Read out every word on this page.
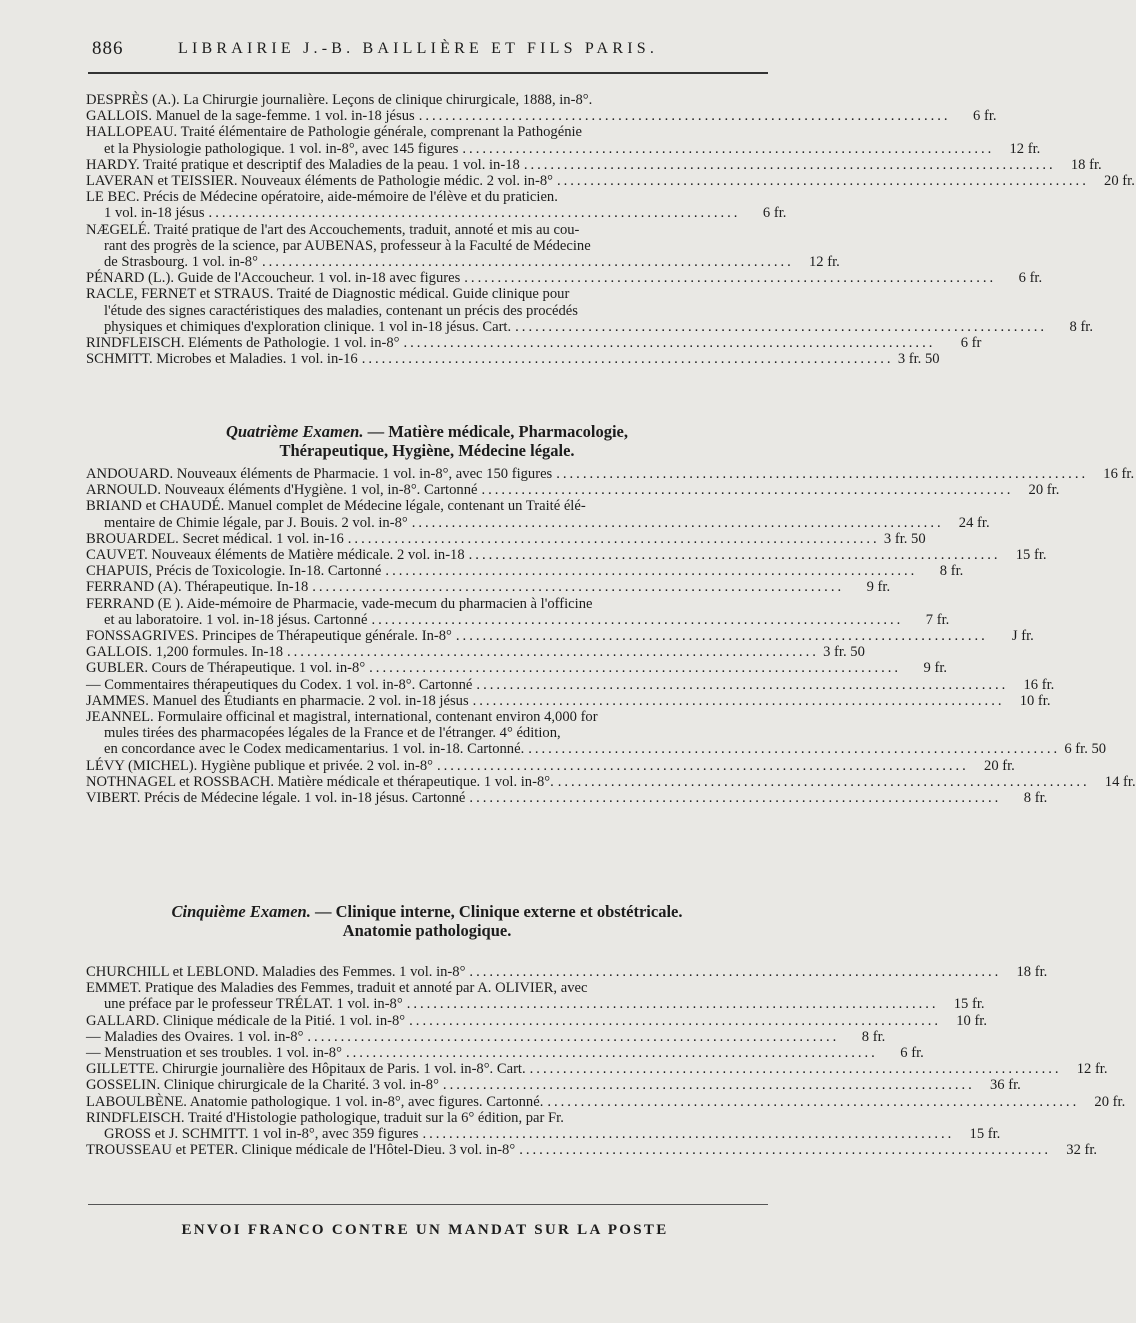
886	LIBRAIRIE J.-B. BAILLIÈRE ET FILS PARIS.
DESPRÈS (A.). La Chirurgie journalière. Leçons de clinique chirurgicale, 1888, in-8°.
GALLOIS. Manuel de la sage-femme. 1 vol. in-18 jésus ................................................................................	6 fr.
HALLOPEAU. Traité élémentaire de Pathologie générale, comprenant la Pathogénie
et la Physiologie pathologique. 1 vol. in-8°, avec 145 figures ................................................................................	12 fr.
HARDY. Traité pratique et descriptif des Maladies de la peau. 1 vol. in-18 ................................................................................	18 fr.
LAVERAN et TEISSIER. Nouveaux éléments de Pathologie médic. 2 vol. in-8° ................................................................................	20 fr.
LE BEC. Précis de Médecine opératoire, aide-mémoire de l'élève et du praticien.
1 vol. in-18 jésus ................................................................................	6 fr.
NÆGELÉ. Traité pratique de l'art des Accouchements, traduit, annoté et mis au cou-
rant des progrès de la science, par AUBENAS, professeur à la Faculté de Médecine
de Strasbourg. 1 vol. in-8° ................................................................................	12 fr.
PÉNARD (L.). Guide de l'Accoucheur. 1 vol. in-18 avec figures ................................................................................	6 fr.
RACLE, FERNET et STRAUS. Traité de Diagnostic médical. Guide clinique pour
l'étude des signes caractéristiques des maladies, contenant un précis des procédés
physiques et chimiques d'exploration clinique. 1 vol in-18 jésus. Cart. ................................................................................	8 fr.
RINDFLEISCH. Eléments de Pathologie. 1 vol. in-8° ................................................................................	6 fr
SCHMITT. Microbes et Maladies. 1 vol. in-16 ................................................................................ 3 fr. 50
Quatrième Examen. — Matière médicale, Pharmacologie,
Thérapeutique, Hygiène, Médecine légale.
ANDOUARD. Nouveaux éléments de Pharmacie. 1 vol. in-8°, avec 150 figures ................................................................................	16 fr.
ARNOULD. Nouveaux éléments d'Hygiène. 1 vol, in-8°. Cartonné ................................................................................	20 fr.
BRIAND et CHAUDÉ. Manuel complet de Médecine légale, contenant un Traité élé-
mentaire de Chimie légale, par J. Bouis. 2 vol. in-8° ................................................................................	24 fr.
BROUARDEL. Secret médical. 1 vol. in-16 ................................................................................ 3 fr. 50
CAUVET. Nouveaux éléments de Matière médicale. 2 vol. in-18 ................................................................................	15 fr.
CHAPUIS, Précis de Toxicologie. In-18. Cartonné ................................................................................	8 fr.
FERRAND (A). Thérapeutique. In-18 ................................................................................	9 fr.
FERRAND (E ). Aide-mémoire de Pharmacie, vade-mecum du pharmacien à l'officine
et au laboratoire. 1 vol. in-18 jésus. Cartonné ................................................................................	7 fr.
FONSSAGRIVES. Principes de Thérapeutique générale. In-8° ................................................................................	J fr.
GALLOIS. 1,200 formules. In-18 ................................................................................ 3 fr. 50
GUBLER. Cours de Thérapeutique. 1 vol. in-8° ................................................................................	9 fr.
— Commentaires thérapeutiques du Codex. 1 vol. in-8°. Cartonné ................................................................................	16 fr.
JAMMES. Manuel des Étudiants en pharmacie. 2 vol. in-18 jésus ................................................................................	10 fr.
JEANNEL. Formulaire officinal et magistral, international, contenant environ 4,000 for
mules tirées des pharmacopées légales de la France et de l'étranger. 4° édition,
en concordance avec le Codex medicamentarius. 1 vol. in-18. Cartonné. ................................................................................ 6 fr. 50
LÉVY (MICHEL). Hygiène publique et privée. 2 vol. in-8° ................................................................................	20 fr.
NOTHNAGEL et ROSSBACH. Matière médicale et thérapeutique. 1 vol. in-8°. ................................................................................	14 fr.
VIBERT. Précis de Médecine légale. 1 vol. in-18 jésus. Cartonné ................................................................................	8 fr.
Cinquième Examen. — Clinique interne, Clinique externe et obstétricale.
Anatomie pathologique.
CHURCHILL et LEBLOND. Maladies des Femmes. 1 vol. in-8° ................................................................................	18 fr.
EMMET. Pratique des Maladies des Femmes, traduit et annoté par A. OLIVIER, avec
une préface par le professeur TRÉLAT. 1 vol. in-8° ................................................................................	15 fr.
GALLARD. Clinique médicale de la Pitié. 1 vol. in-8° ................................................................................	10 fr.
— Maladies des Ovaires. 1 vol. in-8° ................................................................................	8 fr.
— Menstruation et ses troubles. 1 vol. in-8° ................................................................................	6 fr.
GILLETTE. Chirurgie journalière des Hôpitaux de Paris. 1 vol. in-8°. Cart. ................................................................................	12 fr.
GOSSELIN. Clinique chirurgicale de la Charité. 3 vol. in-8° ................................................................................	36 fr.
LABOULBÈNE. Anatomie pathologique. 1 vol. in-8°, avec figures. Cartonné. ................................................................................	20 fr.
RINDFLEISCH. Traité d'Histologie pathologique, traduit sur la 6° édition, par Fr.
GROSS et J. SCHMITT. 1 vol in-8°, avec 359 figures ................................................................................	15 fr.
TROUSSEAU et PETER. Clinique médicale de l'Hôtel-Dieu. 3 vol. in-8° ................................................................................	32 fr.
ENVOI FRANCO CONTRE UN MANDAT SUR LA POSTE
